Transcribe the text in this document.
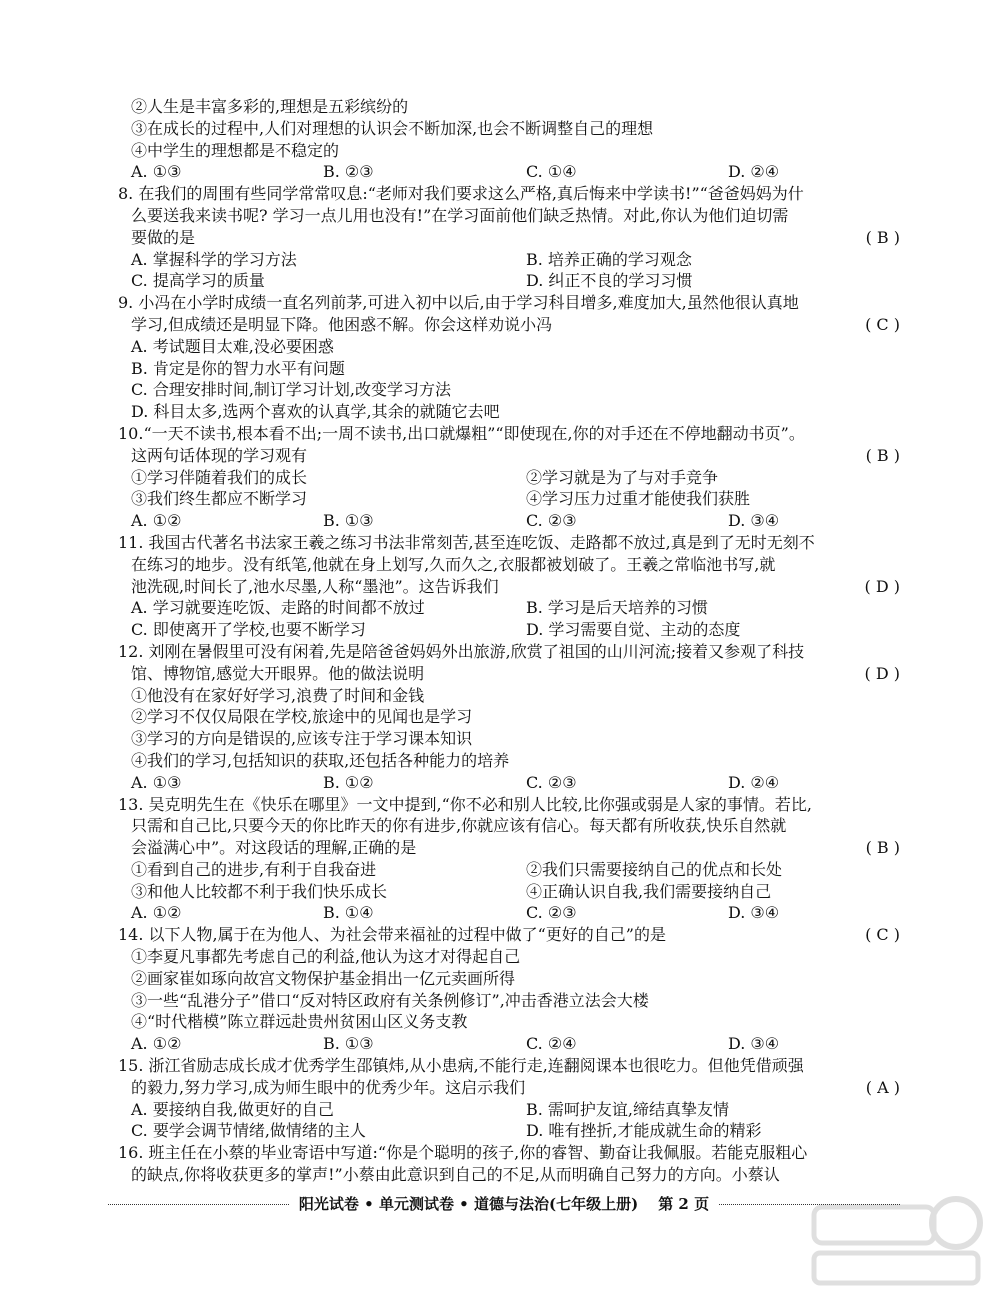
②人生是丰富多彩的,理想是五彩缤纷的
③在成长的过程中,人们对理想的认识会不断加深,也会不断调整自己的理想
④中学生的理想都是不稳定的
A. ①③	B. ②③	C. ①④	D. ②④
8. 在我们的周围有些同学常常叹息:“老师对我们要求这么严格,真后悔来中学读书!”“爸爸妈妈为什
么要送我来读书呢? 学习一点儿用也没有!”在学习面前他们缺乏热情。对此,你认为他们迫切需
要做的是	( B )
A. 掌握科学的学习方法	B. 培养正确的学习观念
C. 提高学习的质量	D. 纠正不良的学习习惯
9. 小冯在小学时成绩一直名列前茅,可进入初中以后,由于学习科目增多,难度加大,虽然他很认真地
学习,但成绩还是明显下降。他困惑不解。你会这样劝说小冯	( C )
A. 考试题目太难,没必要困惑
B. 肯定是你的智力水平有问题
C. 合理安排时间,制订学习计划,改变学习方法
D. 科目太多,选两个喜欢的认真学,其余的就随它去吧
10.“一天不读书,根本看不出;一周不读书,出口就爆粗”“即使现在,你的对手还在不停地翻动书页”。
这两句话体现的学习观有	( B )
①学习伴随着我们的成长	②学习就是为了与对手竞争
③我们终生都应不断学习	④学习压力过重才能使我们获胜
A. ①②	B. ①③	C. ②③	D. ③④
11. 我国古代著名书法家王羲之练习书法非常刻苦,甚至连吃饭、走路都不放过,真是到了无时无刻不
在练习的地步。没有纸笔,他就在身上划写,久而久之,衣服都被划破了。王羲之常临池书写,就
池洗砚,时间长了,池水尽墨,人称“墨池”。这告诉我们	( D )
A. 学习就要连吃饭、走路的时间都不放过	B. 学习是后天培养的习惯
C. 即使离开了学校,也要不断学习	D. 学习需要自觉、主动的态度
12. 刘刚在暑假里可没有闲着,先是陪爸爸妈妈外出旅游,欣赏了祖国的山川河流;接着又参观了科技
馆、博物馆,感觉大开眼界。他的做法说明	( D )
①他没有在家好好学习,浪费了时间和金钱
②学习不仅仅局限在学校,旅途中的见闻也是学习
③学习的方向是错误的,应该专注于学习课本知识
④我们的学习,包括知识的获取,还包括各种能力的培养
A. ①③	B. ①②	C. ②③	D. ②④
13. 吴克明先生在《快乐在哪里》一文中提到,“你不必和别人比较,比你强或弱是人家的事情。若比,
只需和自己比,只要今天的你比昨天的你有进步,你就应该有信心。每天都有所收获,快乐自然就
会溢满心中”。对这段话的理解,正确的是	( B )
①看到自己的进步,有利于自我奋进	②我们只需要接纳自己的优点和长处
③和他人比较都不利于我们快乐成长	④正确认识自我,我们需要接纳自己
A. ①②	B. ①④	C. ②③	D. ③④
14. 以下人物,属于在为他人、为社会带来福祉的过程中做了“更好的自己”的是	( C )
①李夏凡事都先考虑自己的利益,他认为这才对得起自己
②画家崔如琢向故宫文物保护基金捐出一亿元卖画所得
③一些“乱港分子”借口“反对特区政府有关条例修订”,冲击香港立法会大楼
④“时代楷模”陈立群远赴贵州贫困山区义务支教
A. ①②	B. ①③	C. ②④	D. ③④
15. 浙江省励志成长成才优秀学生邵镇炜,从小患病,不能行走,连翻阅课本也很吃力。但他凭借顽强
的毅力,努力学习,成为师生眼中的优秀少年。这启示我们	( A )
A. 要接纳自我,做更好的自己	B. 需呵护友谊,缔结真挚友情
C. 要学会调节情绪,做情绪的主人	D. 唯有挫折,才能成就生命的精彩
16. 班主任在小蔡的毕业寄语中写道:“你是个聪明的孩子,你的睿智、勤奋让我佩服。若能克服粗心
的缺点,你将收获更多的掌声!”小蔡由此意识到自己的不足,从而明确自己努力的方向。小蔡认
阳光试卷 • 单元测试卷 • 道德与法治(七年级上册)	第 2 页
